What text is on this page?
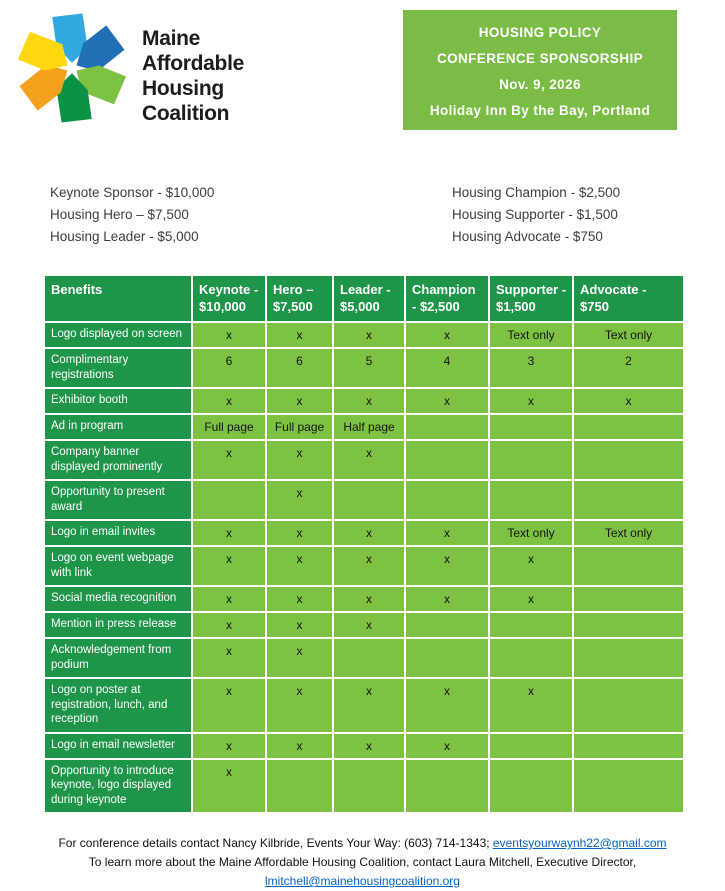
Maine
Affordable
Housing
Coalition
HOUSING POLICY
CONFERENCE SPONSORSHIP
Nov. 9, 2026
Holiday Inn By the Bay, Portland
Keynote Sponsor - $10,000
Housing Hero – $7,500
Housing Leader - $5,000
Housing Champion - $2,500
Housing Supporter - $1,500
Housing Advocate - $750
Benefits	Keynote - $10,000	Hero – $7,500	Leader - $5,000	Champion - $2,500	Supporter - $1,500	Advocate - $750
Logo displayed on screen	x	x	x	x	Text only	Text only
Complimentary registrations	6	6	5	4	3	2
Exhibitor booth	x	x	x	x	x	x
Ad in program	Full page	Full page	Half page			
Company banner displayed prominently	x	x	x			
Opportunity to present award		x				
Logo in email invites	x	x	x	x	Text only	Text only
Logo on event webpage with link	x	x	x	x	x	
Social media recognition	x	x	x	x	x	
Mention in press release	x	x	x			
Acknowledgement from podium	x	x				
Logo on poster at registration, lunch, and reception	x	x	x	x	x	
Logo in email newsletter	x	x	x	x		
Opportunity to introduce keynote, logo displayed during keynote	x					
For conference details contact Nancy Kilbride, Events Your Way: (603) 714-1343; eventsyourwaynh22@gmail.com
To learn more about the Maine Affordable Housing Coalition, contact Laura Mitchell, Executive Director, lmitchell@mainehousingcoalition.org
